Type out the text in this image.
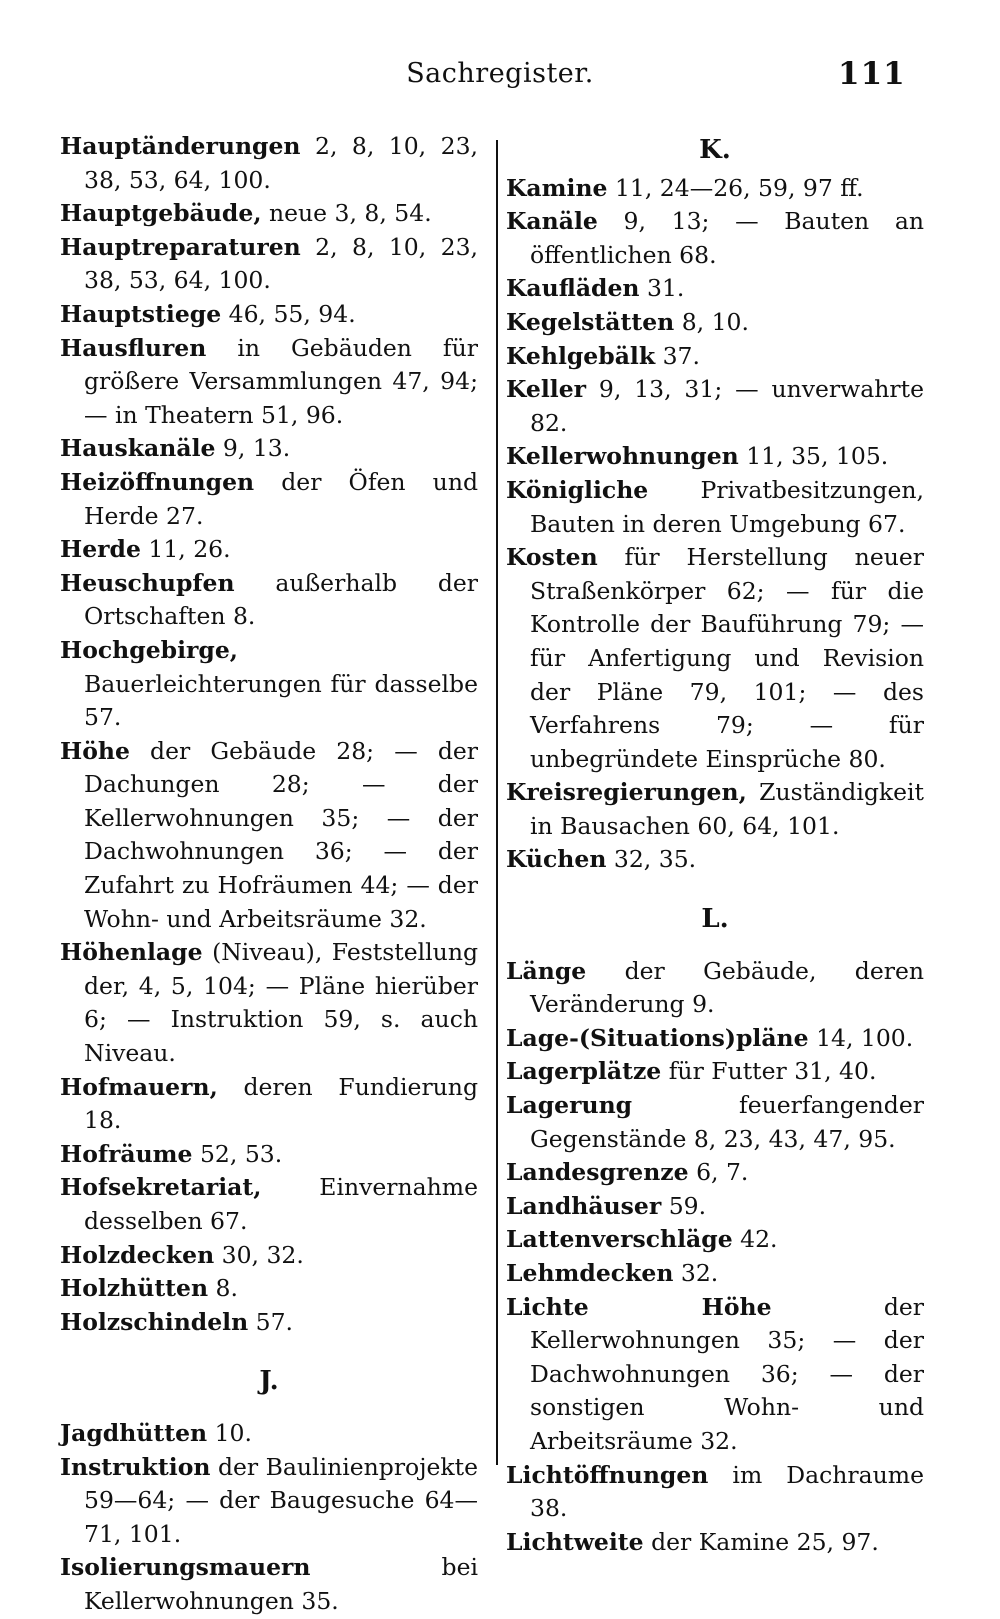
Sachregister.	111
Hauptänderungen 2, 8, 10, 23, 38, 53, 64, 100.
Hauptgebäude, neue 3, 8, 54.
Hauptreparaturen 2, 8, 10, 23, 38, 53, 64, 100.
Hauptstiege 46, 55, 94.
Hausfluren in Gebäuden für größere Versammlungen 47, 94; — in Theatern 51, 96.
Hauskanäle 9, 13.
Heizöffnungen der Öfen und Herde 27.
Herde 11, 26.
Heuschupfen außerhalb der Ortschaften 8.
Hochgebirge, Bauerleichterungen für dasselbe 57.
Höhe der Gebäude 28; — der Dachungen 28; — der Kellerwohnungen 35; — der Dachwohnungen 36; — der Zufahrt zu Hofräumen 44; — der Wohn- und Arbeitsräume 32.
Höhenlage (Niveau), Feststellung der, 4, 5, 104; — Pläne hierüber 6; — Instruktion 59, s. auch Niveau.
Hofmauern, deren Fundierung 18.
Hofräume 52, 53.
Hofsekretariat, Einvernahme desselben 67.
Holzdecken 30, 32.
Holzhütten 8.
Holzschindeln 57.
J.
Jagdhütten 10.
Instruktion der Baulinienprojekte 59—64; — der Baugesuche 64—71, 101.
Isolierungsmauern bei Kellerwohnungen 35.
K.
Kamine 11, 24—26, 59, 97 ff.
Kanäle 9, 13; — Bauten an öffentlichen 68.
Kaufläden 31.
Kegelstätten 8, 10.
Kehlgebälk 37.
Keller 9, 13, 31; — unverwahrte 82.
Kellerwohnungen 11, 35, 105.
Königliche Privatbesitzungen, Bauten in deren Umgebung 67.
Kosten für Herstellung neuer Straßenkörper 62; — für die Kontrolle der Bauführung 79; — für Anfertigung und Revision der Pläne 79, 101; — des Verfahrens 79; — für unbegründete Einsprüche 80.
Kreisregierungen, Zuständigkeit in Bausachen 60, 64, 101.
Küchen 32, 35.
L.
Länge der Gebäude, deren Veränderung 9.
Lage-(Situations)pläne 14, 100.
Lagerplätze für Futter 31, 40.
Lagerung feuerfangender Gegenstände 8, 23, 43, 47, 95.
Landesgrenze 6, 7.
Landhäuser 59.
Lattenverschläge 42.
Lehmdecken 32.
Lichte Höhe der Kellerwohnungen 35; — der Dachwohnungen 36; — der sonstigen Wohn- und Arbeitsräume 32.
Lichtöffnungen im Dachraume 38.
Lichtweite der Kamine 25, 97.
